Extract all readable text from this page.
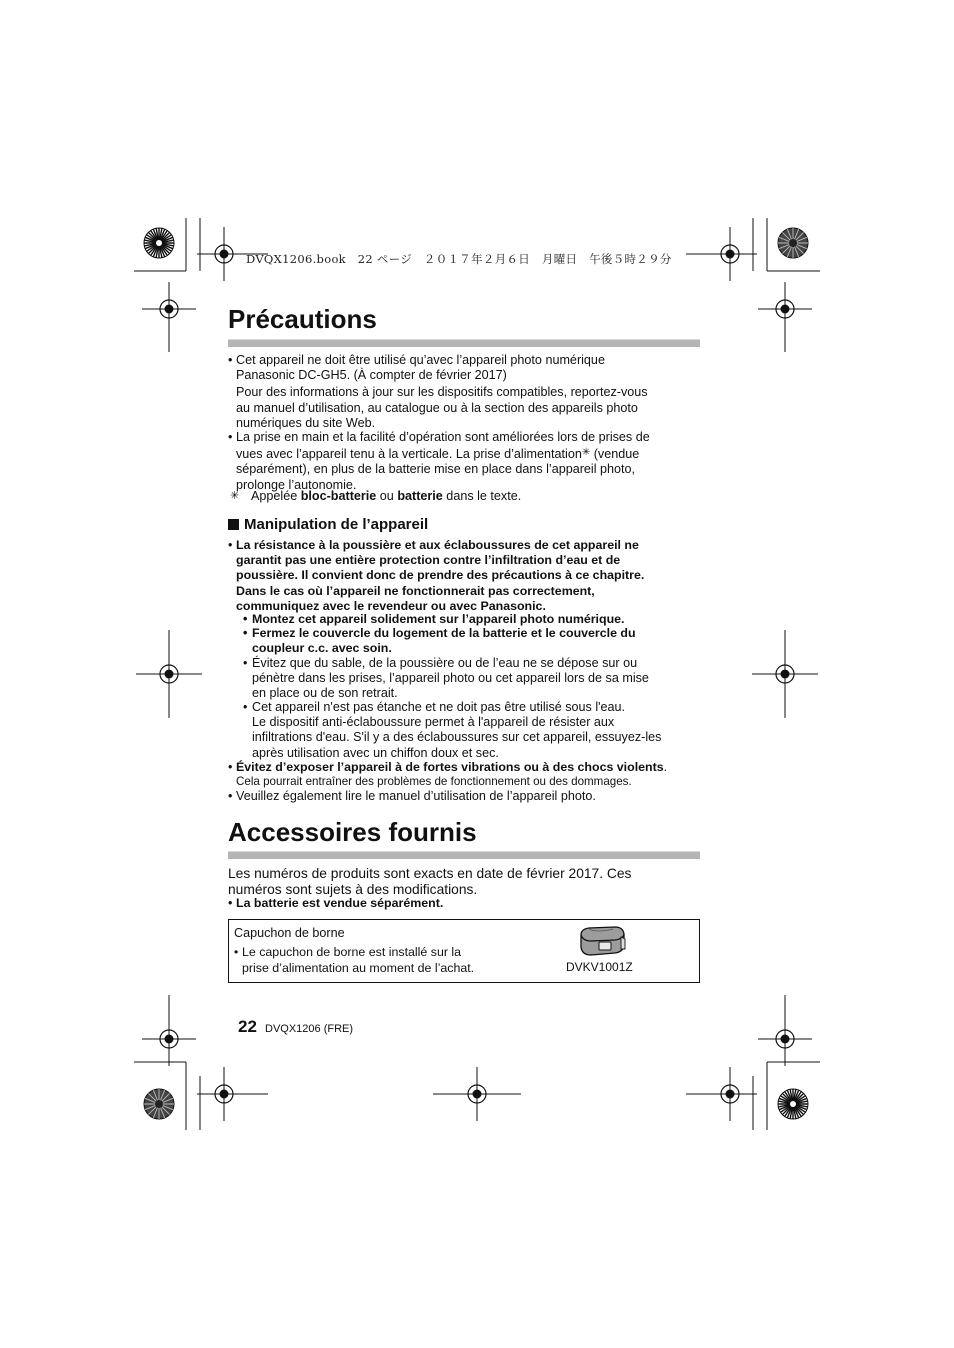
DVQX1206.book　22 ページ　２０１７年２月６日　月曜日　午後５時２９分
Précautions
• Cet appareil ne doit être utilisé qu’avec l’appareil photo numérique
Panasonic DC-GH5. (À compter de février 2017)
Pour des informations à jour sur les dispositifs compatibles, reportez-vous
au manuel d’utilisation, au catalogue ou à la section des appareils photo
numériques du site Web.
• La prise en main et la facilité d’opération sont améliorées lors de prises de
vues avec l’appareil tenu à la verticale. La prise d’alimentation✳ (vendue
séparément), en plus de la batterie mise en place dans l’appareil photo,
prolonge l’autonomie.
✳ Appelée bloc-batterie ou batterie dans le texte.
Manipulation de l’appareil
• La résistance à la poussière et aux éclaboussures de cet appareil ne
garantit pas une entière protection contre l’infiltration d’eau et de
poussière. Il convient donc de prendre des précautions à ce chapitre.
Dans le cas où l’appareil ne fonctionnerait pas correctement,
communiquez avec le revendeur ou avec Panasonic.
• Montez cet appareil solidement sur l’appareil photo numérique.
• Fermez le couvercle du logement de la batterie et le couvercle du
coupleur c.c. avec soin.
• Évitez que du sable, de la poussière ou de l’eau ne se dépose sur ou
pénètre dans les prises, l’appareil photo ou cet appareil lors de sa mise
en place ou de son retrait.
• Cet appareil n'est pas étanche et ne doit pas être utilisé sous l'eau.
Le dispositif anti-éclaboussure permet à l'appareil de résister aux
infiltrations d'eau. S'il y a des éclaboussures sur cet appareil, essuyez-les
après utilisation avec un chiffon doux et sec.
• Évitez d’exposer l’appareil à de fortes vibrations ou à des chocs violents.
Cela pourrait entraîner des problèmes de fonctionnement ou des dommages.
• Veuillez également lire le manuel d’utilisation de l’appareil photo.
Accessoires fournis
Les numéros de produits sont exacts en date de février 2017. Ces
numéros sont sujets à des modifications.
• La batterie est vendue séparément.
Capuchon de borne
• Le capuchon de borne est installé sur la
prise d’alimentation au moment de l’achat.	DVKV1001Z
22 DVQX1206 (FRE)
